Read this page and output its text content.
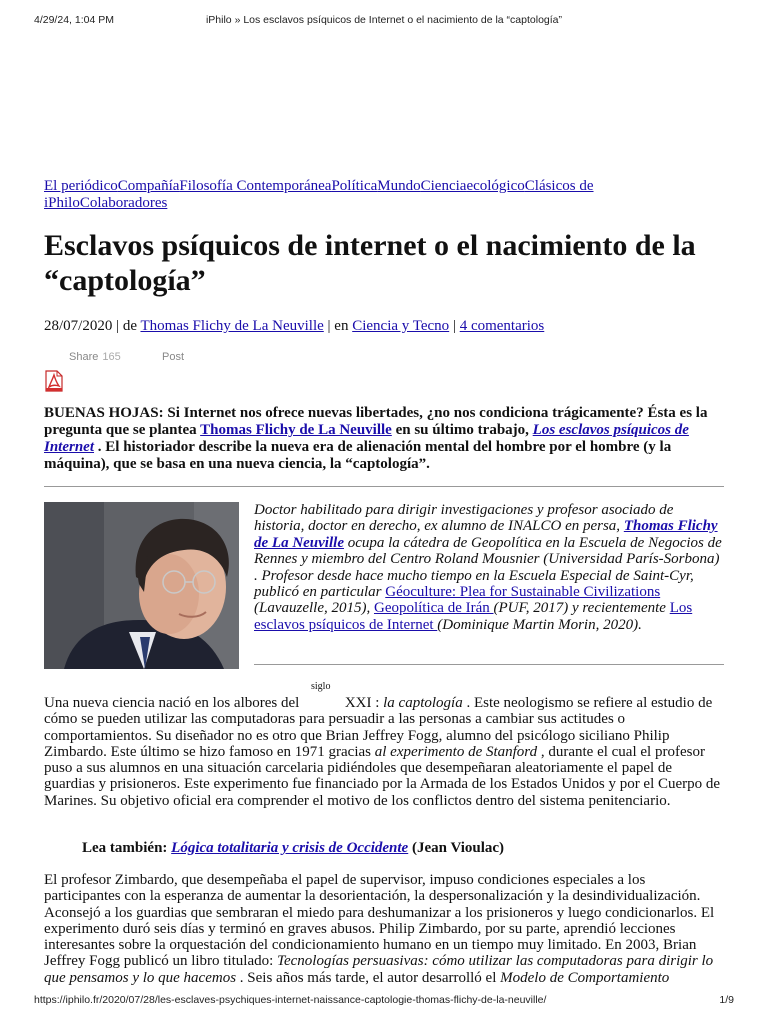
4/29/24, 1:04 PM	iPhilo » Los esclavos psíquicos de Internet o el nacimiento de la “captología”
El periódicoCompañíaFilosofía ContemporáneaPolíticaMundoCienciaecológicoClásicos de iPhiloColaboradores
Esclavos psíquicos de internet o el nacimiento de la “captología”
28/07/2020 | de Thomas Flichy de La Neuville | en Ciencia y Tecno | 4 comentarios
Share 165	Post

BUENAS HOJAS: Si Internet nos ofrece nuevas libertades, ¿no nos condiciona trágicamente? Ésta es la pregunta que se plantea Thomas Flichy de La Neuville en su último trabajo, Los esclavos psíquicos de Internet . El historiador describe la nueva era de alienación mental del hombre por el hombre (y la máquina), que se basa en una nueva ciencia, la “captología”.

Doctor habilitado para dirigir investigaciones y profesor asociado de historia, doctor en derecho, ex alumno de INALCO en persa, Thomas Flichy de La Neuville ocupa la cátedra de Geopolítica en la Escuela de Negocios de Rennes y miembro del Centro Roland Mousnier (Universidad París-Sorbona) . Profesor desde hace mucho tiempo en la Escuela Especial de Saint-Cyr, publicó en particular Géoculture: Plea for Sustainable Civilizations (Lavauzelle, 2015), Geopolítica de Irán (PUF, 2017) y recientemente Los esclavos psíquicos de Internet (Dominique Martin Morin, 2020).

siglo

Una nueva ciencia nació en los albores del	XXI : la captología . Este neologismo se refiere al estudio de cómo se pueden utilizar las computadoras para persuadir a las personas a cambiar sus actitudes o comportamientos. Su diseñador no es otro que Brian Jeffrey Fogg, alumno del psicólogo siciliano Philip Zimbardo. Este último se hizo famoso en 1971 gracias al experimento de Stanford , durante el cual el profesor puso a sus alumnos en una situación carcelaria pidiéndoles que desempeñaran aleatoriamente el papel de guardias y prisioneros. Este experimento fue financiado por la Armada de los Estados Unidos y por el Cuerpo de Marines. Su objetivo oficial era comprender el motivo de los conflictos dentro del sistema penitenciario.

Lea también: Lógica totalitaria y crisis de Occidente (Jean Vioulac)

El profesor Zimbardo, que desempeñaba el papel de supervisor, impuso condiciones especiales a los participantes con la esperanza de aumentar la desorientación, la despersonalización y la desindividualización. Aconsejó a los guardias que sembraran el miedo para deshumanizar a los prisioneros y luego condicionarlos. El experimento duró seis días y terminó en graves abusos. Philip Zimbardo, por su parte, aprendió lecciones interesantes sobre la orquestación del condicionamiento humano en un tiempo muy limitado. En 2003, Brian Jeffrey Fogg publicó un libro titulado: Tecnologías persuasivas: cómo utilizar las computadoras para dirigir lo que pensamos y lo que hacemos . Seis años más tarde, el autor desarrolló el Modelo de Comportamiento

https://iphilo.fr/2020/07/28/les-esclaves-psychiques-internet-naissance-captologie-thomas-flichy-de-la-neuville/	1/9
